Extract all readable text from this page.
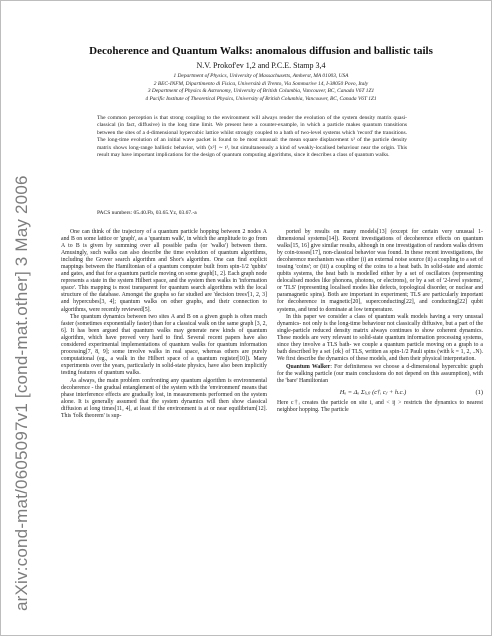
arXiv:cond-mat/0605097v1 [cond-mat.other] 3 May 2006
Decoherence and Quantum Walks: anomalous diffusion and ballistic tails
N.V. Prokof'ev 1,2 and P.C.E. Stamp 3,4
1 Department of Physics, University of Massachusetts, Amherst, MA 01003, USA
2 BEC-INFM, Dipartimento di Fisica, Università di Trento, Via Sommarive 14, I-38050 Povo, Italy
3 Department of Physics & Astronomy, University of British Columbia, Vancouver, BC, Canada V6T 1Z1
4 Pacific Institute of Theoretical Physics, University of British Columbia, Vancouver, BC, Canada V6T 1Z1
The common perception is that strong coupling to the environment will always render the evolution of the system density matrix quasi-classical (in fact, diffusive) in the long time limit. We present here a counter-example, in which a particle makes quantum transitions between the sites of a d-dimensional hypercubic lattice whilst strongly coupled to a bath of two-level systems which 'record' the transitions. The long-time evolution of an initial wave packet is found to be most unusual: the mean square displacement x² of the particle density matrix shows long-range ballistic behavior, with ⟨x²⟩ ∼ t², but simultaneously a kind of weakly-localised behaviour near the origin. This result may have important implications for the design of quantum computing algorithms, since it describes a class of quantum walks.
PACS numbers: 05.40.Fb, 03.65.Yz, 03.67.-a

One can think of the trajectory of a quantum particle hopping between 2 nodes A and B on some lattice or 'graph', as a 'quantum walk', in which the amplitude to go from A to B is given by summing over all possible paths (or 'walks') between them. Amusingly, such walks can also describe the time evolution of quantum algorithms, including the Grover search algorithm and Shor's algorithm. One can find explicit mappings between the Hamiltonian of a quantum computer built from spin-1/2 'qubits' and gates, and that for a quantum particle moving on some graph[1, 2]. Each graph node represents a state in the system Hilbert space, and the system then walks in 'information space'. This mapping is most transparent for quantum search algorithms with the local structure of the database. Amongst the graphs so far studied are 'decision trees'[1, 2, 3] and hypercubes[3, 4]; quantum walks on other graphs, and their connection to algorithms, were recently reviewed[5].

The quantum dynamics between two sites A and B on a given graph is often much faster (sometimes exponentially faster) than for a classical walk on the same graph [3, 2, 6]. It has been argued that quantum walks may generate new kinds of quantum algorithm, which have proved very hard to find. Several recent papers have also considered experimental implementations of quantum walks for quantum information processing[7, 8, 9]; some involve walks in real space, whereas others are purely computational (eg., a walk in the Hilbert space of a quantum register[10]). Many experiments over the years, particularly in solid-state physics, have also been implicitly testing features of quantum walks.

As always, the main problem confronting any quantum algorithm is environmental decoherence - the gradual entanglement of the system with the 'environment' means that phase interference effects are gradually lost, in measurements performed on the system alone. It is generally assumed that the system dynamics will then show classical diffusion at long times[11, 4], at least if the environment is at or near equilibrium[12]. This 'folk theorem' is sup-

ported by results on many models[13] (except for certain very unusual 1-dimensional systems[14]). Recent investigations of decoherence effects on quantum walks[15, 16] give similar results, although in one investigation of random walks driven by coin-tosses[17], non-classical behavior was found. In these recent investigations, the decoherence mechanism was either (i) an external noise source (ii) a coupling to a set of tossing 'coins'; or (iii) a coupling of the coins to a heat bath. In solid-state and atomic qubits systems, the heat bath is modelled either by a set of oscillators (representing delocalised modes like phonons, photons, or electrons), or by a set of '2-level systems', or 'TLS' (representing localised modes like defects, topological disorder, or nuclear and paramagnetic spins). Both are important in experiment; TLS are particularly important for decoherence in magnetic[20], superconducting[22], and conducting[22] qubit systems, and tend to dominate at low temperature.

In this paper we consider a class of quantum walk models having a very unusual dynamics- not only is the long-time behaviour not classically diffusive, but a part of the single-particle reduced density matrix always continues to show coherent dynamics. These models are very relevant to solid-state quantum information processing systems, since they involve a TLS bath- we couple a quantum particle moving on a graph to a bath described by a set {σk} of TLS, written as spin-1/2 Pauli spins (with k = 1, 2, ..N). We first describe the dynamics of these models, and then their physical interpretation.

Quantum Walker: For definiteness we choose a d-dimensional hypercubic graph for the walking particle (our main conclusions do not depend on this assumption), with the 'bare' Hamiltonian

Hₒ = Δₒ Σ₍ᵢⱼ₎ (c†ᵢ cⱼ + h.c.)	(1)

Here c†ᵢ creates the particle on site i, and < ij > restricts the dynamics to nearest neighbor hopping. The particle
